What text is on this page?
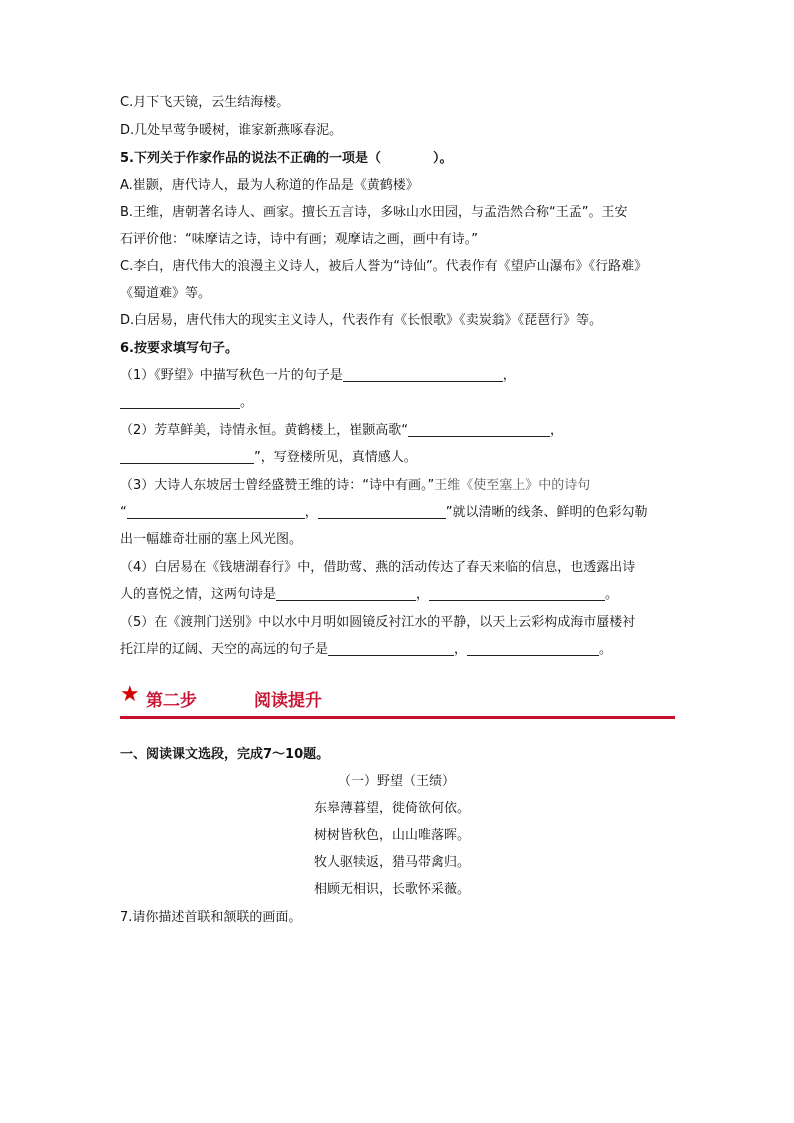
C.月下飞天镜，云生结海楼。
D.几处早莺争暖树，谁家新燕啄春泥。
5.下列关于作家作品的说法不正确的一项是（　　　　）。
A.崔颢，唐代诗人，最为人称道的作品是《黄鹤楼》
B.王维，唐朝著名诗人、画家。擅长五言诗，多咏山水田园，与孟浩然合称“王孟”。王安
石评价他：“味摩诘之诗，诗中有画；观摩诘之画，画中有诗。”
C.李白，唐代伟大的浪漫主义诗人，被后人誉为“诗仙”。代表作有《望庐山瀑布》《行路难》
《蜀道难》等。
D.白居易，唐代伟大的现实主义诗人，代表作有《长恨歌》《卖炭翁》《琵琶行》等。
6.按要求填写句子。
（1）《野望》中描写秋色一片的句子是	，
。
（2）芳草鲜美，诗情永恒。黄鹤楼上，崔颢高歌“	，
”，写登楼所见，真情感人。
（3）大诗人东坡居士曾经盛赞王维的诗：“诗中有画。”王维《使至塞上》中的诗句
“	，	”就以清晰的线条、鲜明的色彩勾勒
出一幅雄奇壮丽的塞上风光图。
（4）白居易在《钱塘湖春行》中，借助莺、燕的活动传达了春天来临的信息，也透露出诗
人的喜悦之情，这两句诗是	，	。
（5）在《渡荆门送别》中以水中月明如圆镜反衬江水的平静，以天上云彩构成海市蜃楼衬
托江岸的辽阔、天空的高远的句子是	，	。
★ 第二步	阅读提升
一、阅读课文选段，完成7～10题。
（一）野望（王绩）
东皋薄暮望，徙倚欲何依。
树树皆秋色，山山唯落晖。
牧人驱犊返，猎马带禽归。
相顾无相识，长歌怀采薇。
7.请你描述首联和颔联的画面。
